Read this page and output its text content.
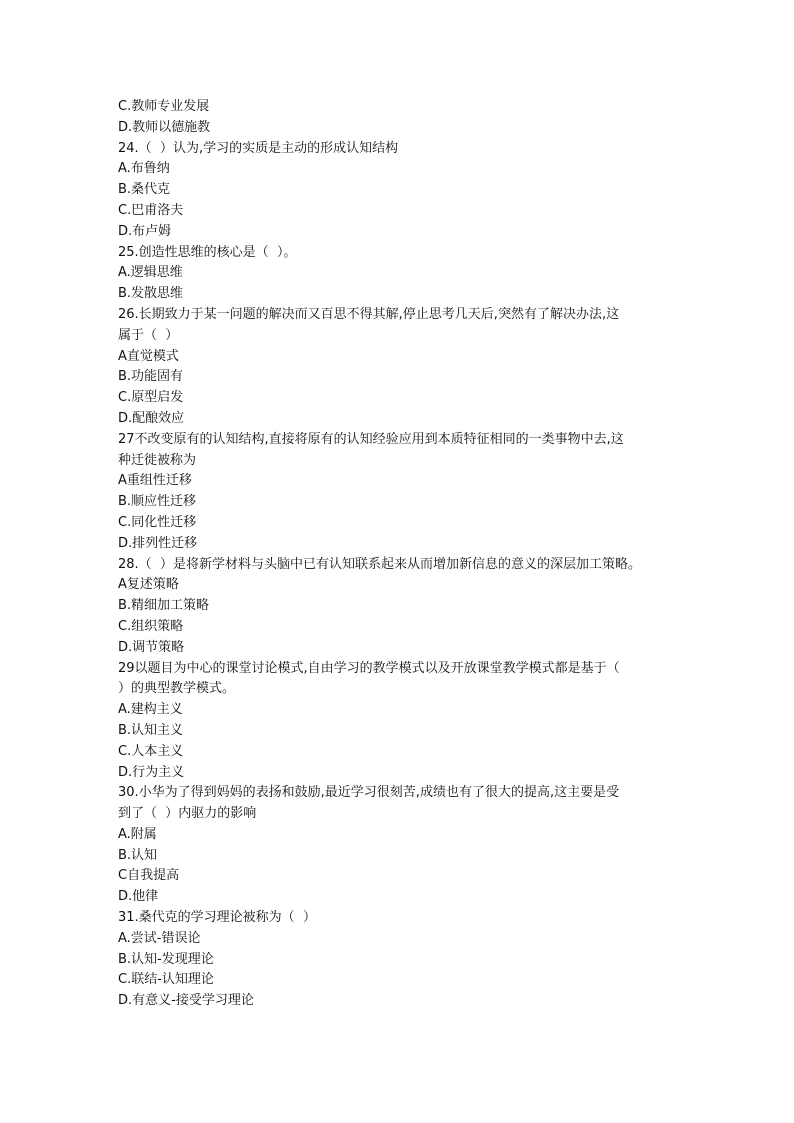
C.教师专业发展
D.教师以德施教
24.（  ）认为,学习的实质是主动的形成认知结构
A.布鲁纳
B.桑代克
C.巴甫洛夫
D.布卢姆
25.创造性思维的核心是（  ）。
A.逻辑思维
B.发散思维
26.长期致力于某一问题的解决而又百思不得其解,停止思考几天后,突然有了解决办法,这
属于（  ）
A直觉模式
B.功能固有
C.原型启发
D.配酿效应
27不改变原有的认知结构,直接将原有的认知经验应用到本质特征相同的一类事物中去,这
种迁徙被称为
A重组性迁移
B.顺应性迁移
C.同化性迁移
D.排列性迁移
28.（  ）是将新学材料与头脑中已有认知联系起来从而增加新信息的意义的深层加工策略。
A复述策略
B.精细加工策略
C.组织策略
D.调节策略
29以题目为中心的课堂讨论模式,自由学习的教学模式以及开放课堂教学模式都是基于（
）的典型教学模式。
A.建构主义
B.认知主义
C.人本主义
D.行为主义
30.小华为了得到妈妈的表扬和鼓励,最近学习很刻苦,成绩也有了很大的提高,这主要是受
到了（  ）内驱力的影响
A.附属
B.认知
C自我提高
D.他律
31.桑代克的学习理论被称为（  ）
A.尝试-错误论
B.认知-发现理论
C.联结-认知理论
D.有意义-接受学习理论
